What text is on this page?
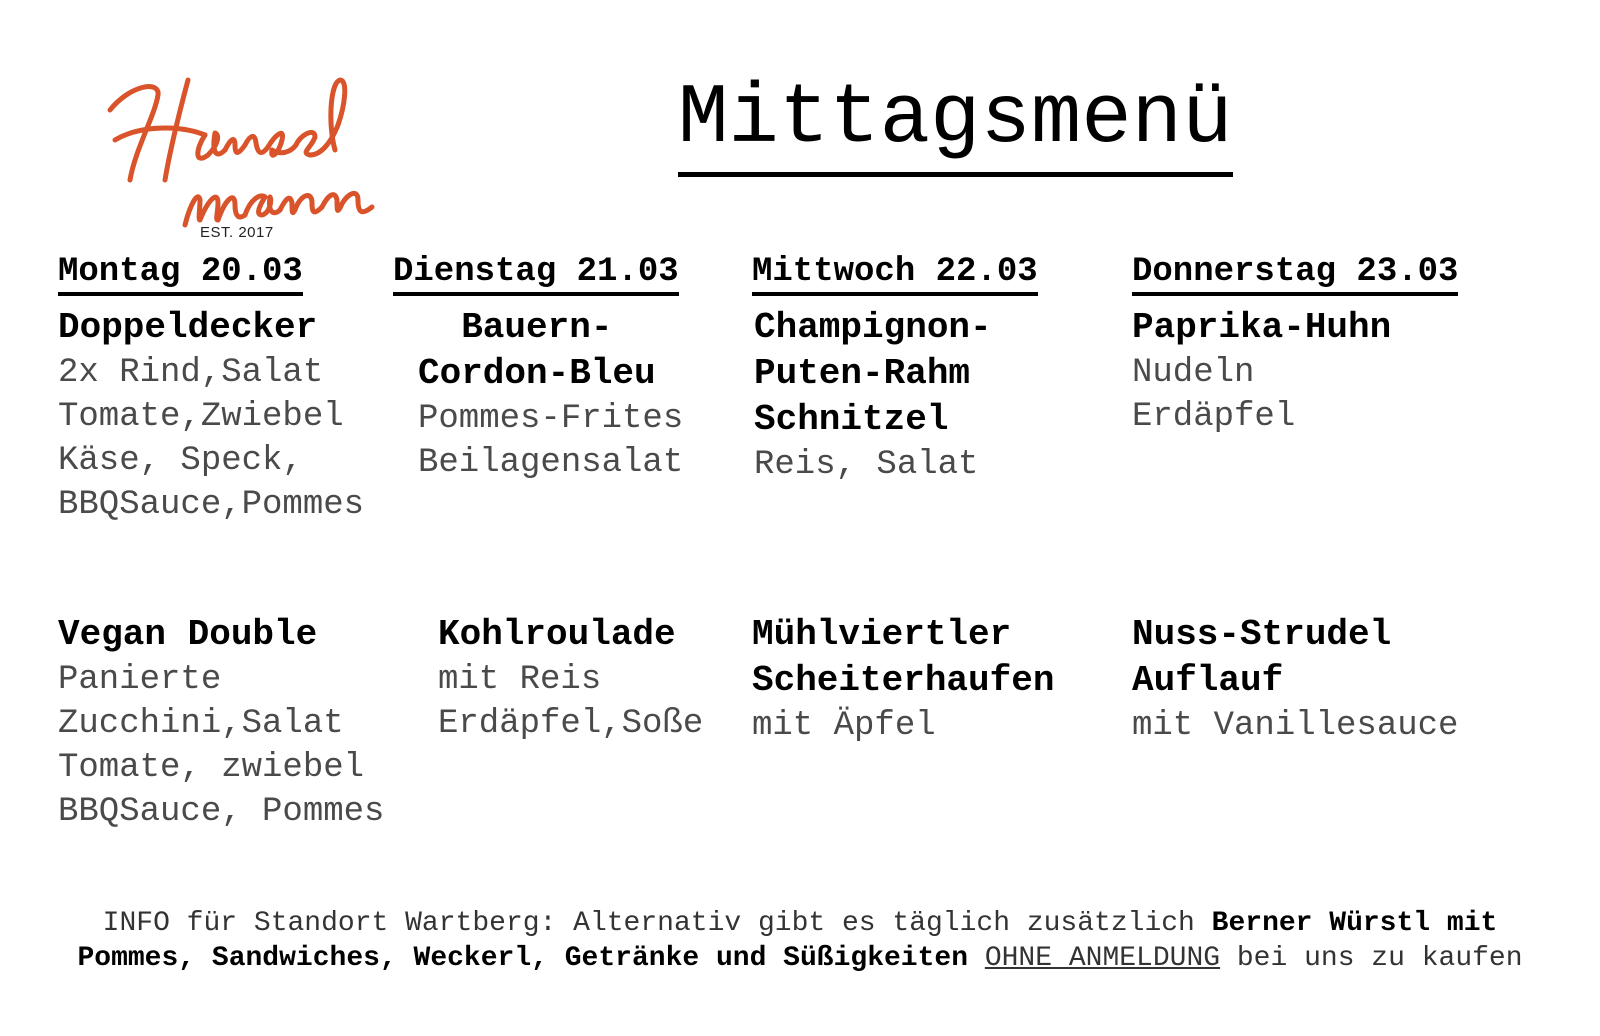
EST. 2017
Mittagsmenü
Montag 20.03	Dienstag 21.03 Mittwoch 22.03	Donnerstag 23.03
Doppeldecker
2x Rind,Salat
Tomate,Zwiebel
Käse, Speck,
BBQSauce,Pommes
Bauern-
Cordon-Bleu
Pommes-Frites
Beilagensalat
Champignon-
Puten-Rahm
Schnitzel
Reis, Salat
Paprika-Huhn
Nudeln
Erdäpfel
Vegan Double
Panierte
Zucchini,Salat
Tomate, zwiebel
BBQSauce, Pommes
Kohlroulade
mit Reis
Erdäpfel,Soße
Mühlviertler
Scheiterhaufen
mit Äpfel
Nuss-Strudel
Auflauf
mit Vanillesauce
INFO für Standort Wartberg: Alternativ gibt es täglich zusätzlich Berner Würstl mit Pommes, Sandwiches, Weckerl, Getränke und Süßigkeiten OHNE ANMELDUNG bei uns zu kaufen
